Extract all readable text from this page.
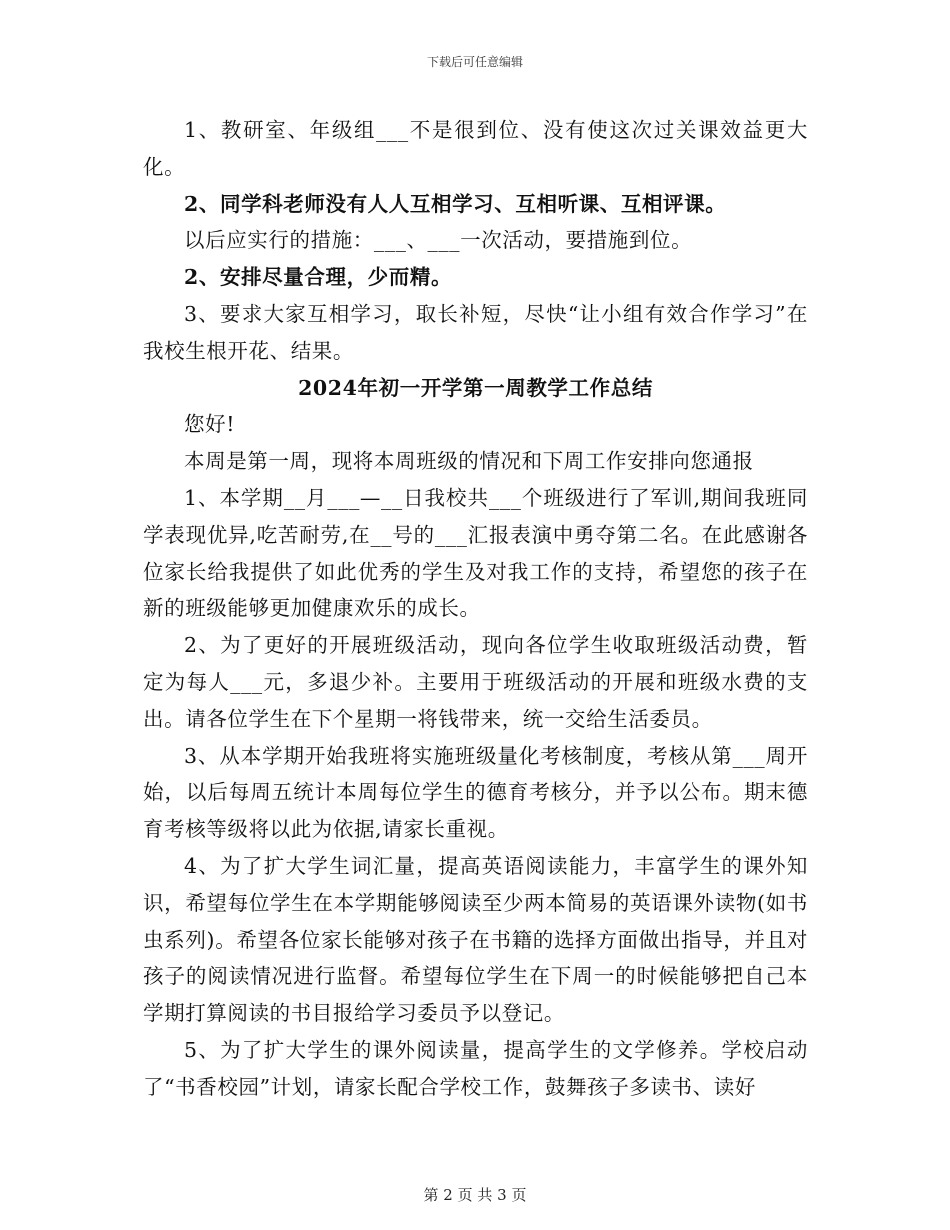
下载后可任意编辑

1、教研室、年级组___不是很到位、没有使这次过关课效益更大化。

2、同学科老师没有人人互相学习、互相听课、互相评课。

以后应实行的措施：___、___一次活动，要措施到位。

2、安排尽量合理，少而精。

3、要求大家互相学习，取长补短，尽快“让小组有效合作学习”在我校生根开花、结果。

2024年初一开学第一周教学工作总结

您好!

本周是第一周，现将本周班级的情况和下周工作安排向您通报

1、本学期__月___—__日我校共___个班级进行了军训,期间我班同学表现优异,吃苦耐劳,在__号的___汇报表演中勇夺第二名。在此感谢各位家长给我提供了如此优秀的学生及对我工作的支持，希望您的孩子在新的班级能够更加健康欢乐的成长。

2、为了更好的开展班级活动，现向各位学生收取班级活动费，暂定为每人___元，多退少补。主要用于班级活动的开展和班级水费的支出。请各位学生在下个星期一将钱带来，统一交给生活委员。

3、从本学期开始我班将实施班级量化考核制度，考核从第___周开始，以后每周五统计本周每位学生的德育考核分，并予以公布。期末德育考核等级将以此为依据,请家长重视。

4、为了扩大学生词汇量，提高英语阅读能力，丰富学生的课外知识，希望每位学生在本学期能够阅读至少两本简易的英语课外读物(如书虫系列)。希望各位家长能够对孩子在书籍的选择方面做出指导，并且对孩子的阅读情况进行监督。希望每位学生在下周一的时候能够把自己本学期打算阅读的书目报给学习委员予以登记。

5、为了扩大学生的课外阅读量，提高学生的文学修养。学校启动了“书香校园”计划，请家长配合学校工作，鼓舞孩子多读书、读好

第 2 页 共 3 页
